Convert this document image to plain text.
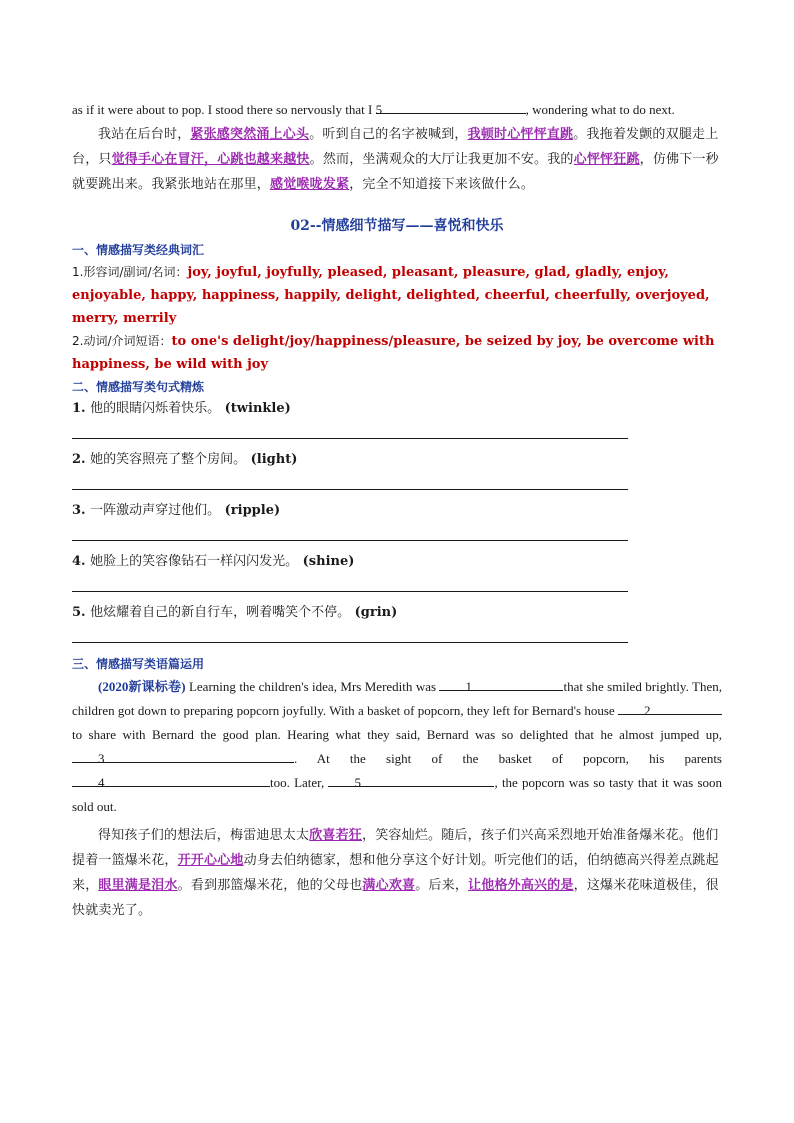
as if it were about to pop. I stood there so nervously that I 5	, wondering what to do next.
我站在后台时，紧张感突然涌上心头。听到自己的名字被喊到，我顿时心怦怦直跳。我拖着发颤的双腿走上台，只觉得手心在冒汗，心跳也越来越快。然而，坐满观众的大厅让我更加不安。我的心怦怦狂跳，仿佛下一秒就要跳出来。我紧张地站在那里，感觉喉咙发紧，完全不知道接下来该做什么。
02--情感细节描写——喜悦和快乐
一、情感描写类经典词汇
1.形容词/副词/名词：joy, joyful, joyfully, pleased, pleasant, pleasure, glad, gladly, enjoy, enjoyable, happy, happiness, happily, delight, delighted, cheerful, cheerfully, overjoyed, merry, merrily
2.动词/介词短语：to one's delight/joy/happiness/pleasure, be seized by joy, be overcome with happiness, be wild with joy
二、情感描写类句式精炼
1. 他的眼睛闪烁着快乐。 (twinkle)
2. 她的笑容照亮了整个房间。 (light)
3. 一阵激动声穿过他们。 (ripple)
4. 她脸上的笑容像钻石一样闪闪发光。 (shine)
5. 他炫耀着自己的新自行车，咧着嘴笑个不停。 (grin)
三、情感描写类语篇运用
(2020新课标卷) Learning the children's idea, Mrs Meredith was 1	that she smiled brightly. Then, children got down to preparing popcorn joyfully. With a basket of popcorn, they left for Bernard's house 2to share with Bernard the good plan. Hearing what they said, Bernard was so delighted that he almost jumped up, 3	. At the sight of the basket of popcorn, his parents 4	too. Later, 5	, the popcorn was so tasty that it was soon sold out.
得知孩子们的想法后，梅雷迪思太太欣喜若狂，笑容灿烂。随后，孩子们兴高采烈地开始准备爆米花。他们提着一篮爆米花，开开心心地动身去伯纳德家，想和他分享这个好计划。听完他们的话，伯纳德高兴得差点跳起来，眼里满是泪水。看到那篮爆米花，他的父母也满心欢喜。后来，让他格外高兴的是，这爆米花味道极佳，很快就卖光了。
